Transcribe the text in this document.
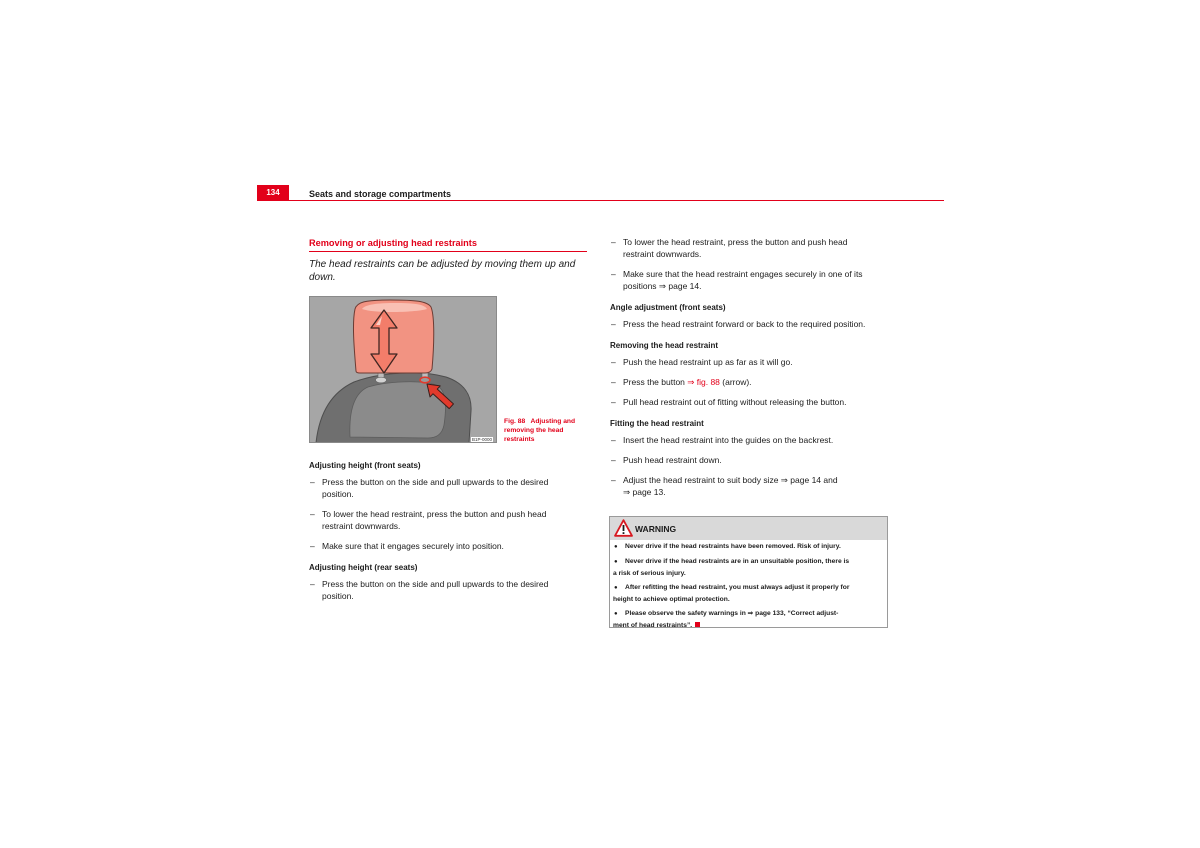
134	Seats and storage compartments
Removing or adjusting head restraints
The head restraints can be adjusted by moving them up and
down.
B1P-0000
Fig. 88 Adjusting and
removing the head
restraints
Adjusting height (front seats)
– Press the button on the side and pull upwards to the desired
position.
– To lower the head restraint, press the button and push head
restraint downwards.
– Make sure that it engages securely into position.
Adjusting height (rear seats)
– Press the button on the side and pull upwards to the desired
position.
– To lower the head restraint, press the button and push head
restraint downwards.
– Make sure that the head restraint engages securely in one of its
positions ⇒ page 14.
Angle adjustment (front seats)
– Press the head restraint forward or back to the required position.
Removing the head restraint
– Push the head restraint up as far as it will go.
– Press the button ⇒ fig. 88 (arrow).
– Pull head restraint out of fitting without releasing the button.
Fitting the head restraint
– Insert the head restraint into the guides on the backrest.
– Push head restraint down.
– Adjust the head restraint to suit body size ⇒ page 14 and
⇒ page 13.
WARNING

● Never drive if the head restraints have been removed. Risk of injury.

● Never drive if the head restraints are in an unsuitable position, there is
a risk of serious injury.

● After refitting the head restraint, you must always adjust it properly for
height to achieve optimal protection.

● Please observe the safety warnings in ⇒ page 133, “Correct adjust-
ment of head restraints”.
